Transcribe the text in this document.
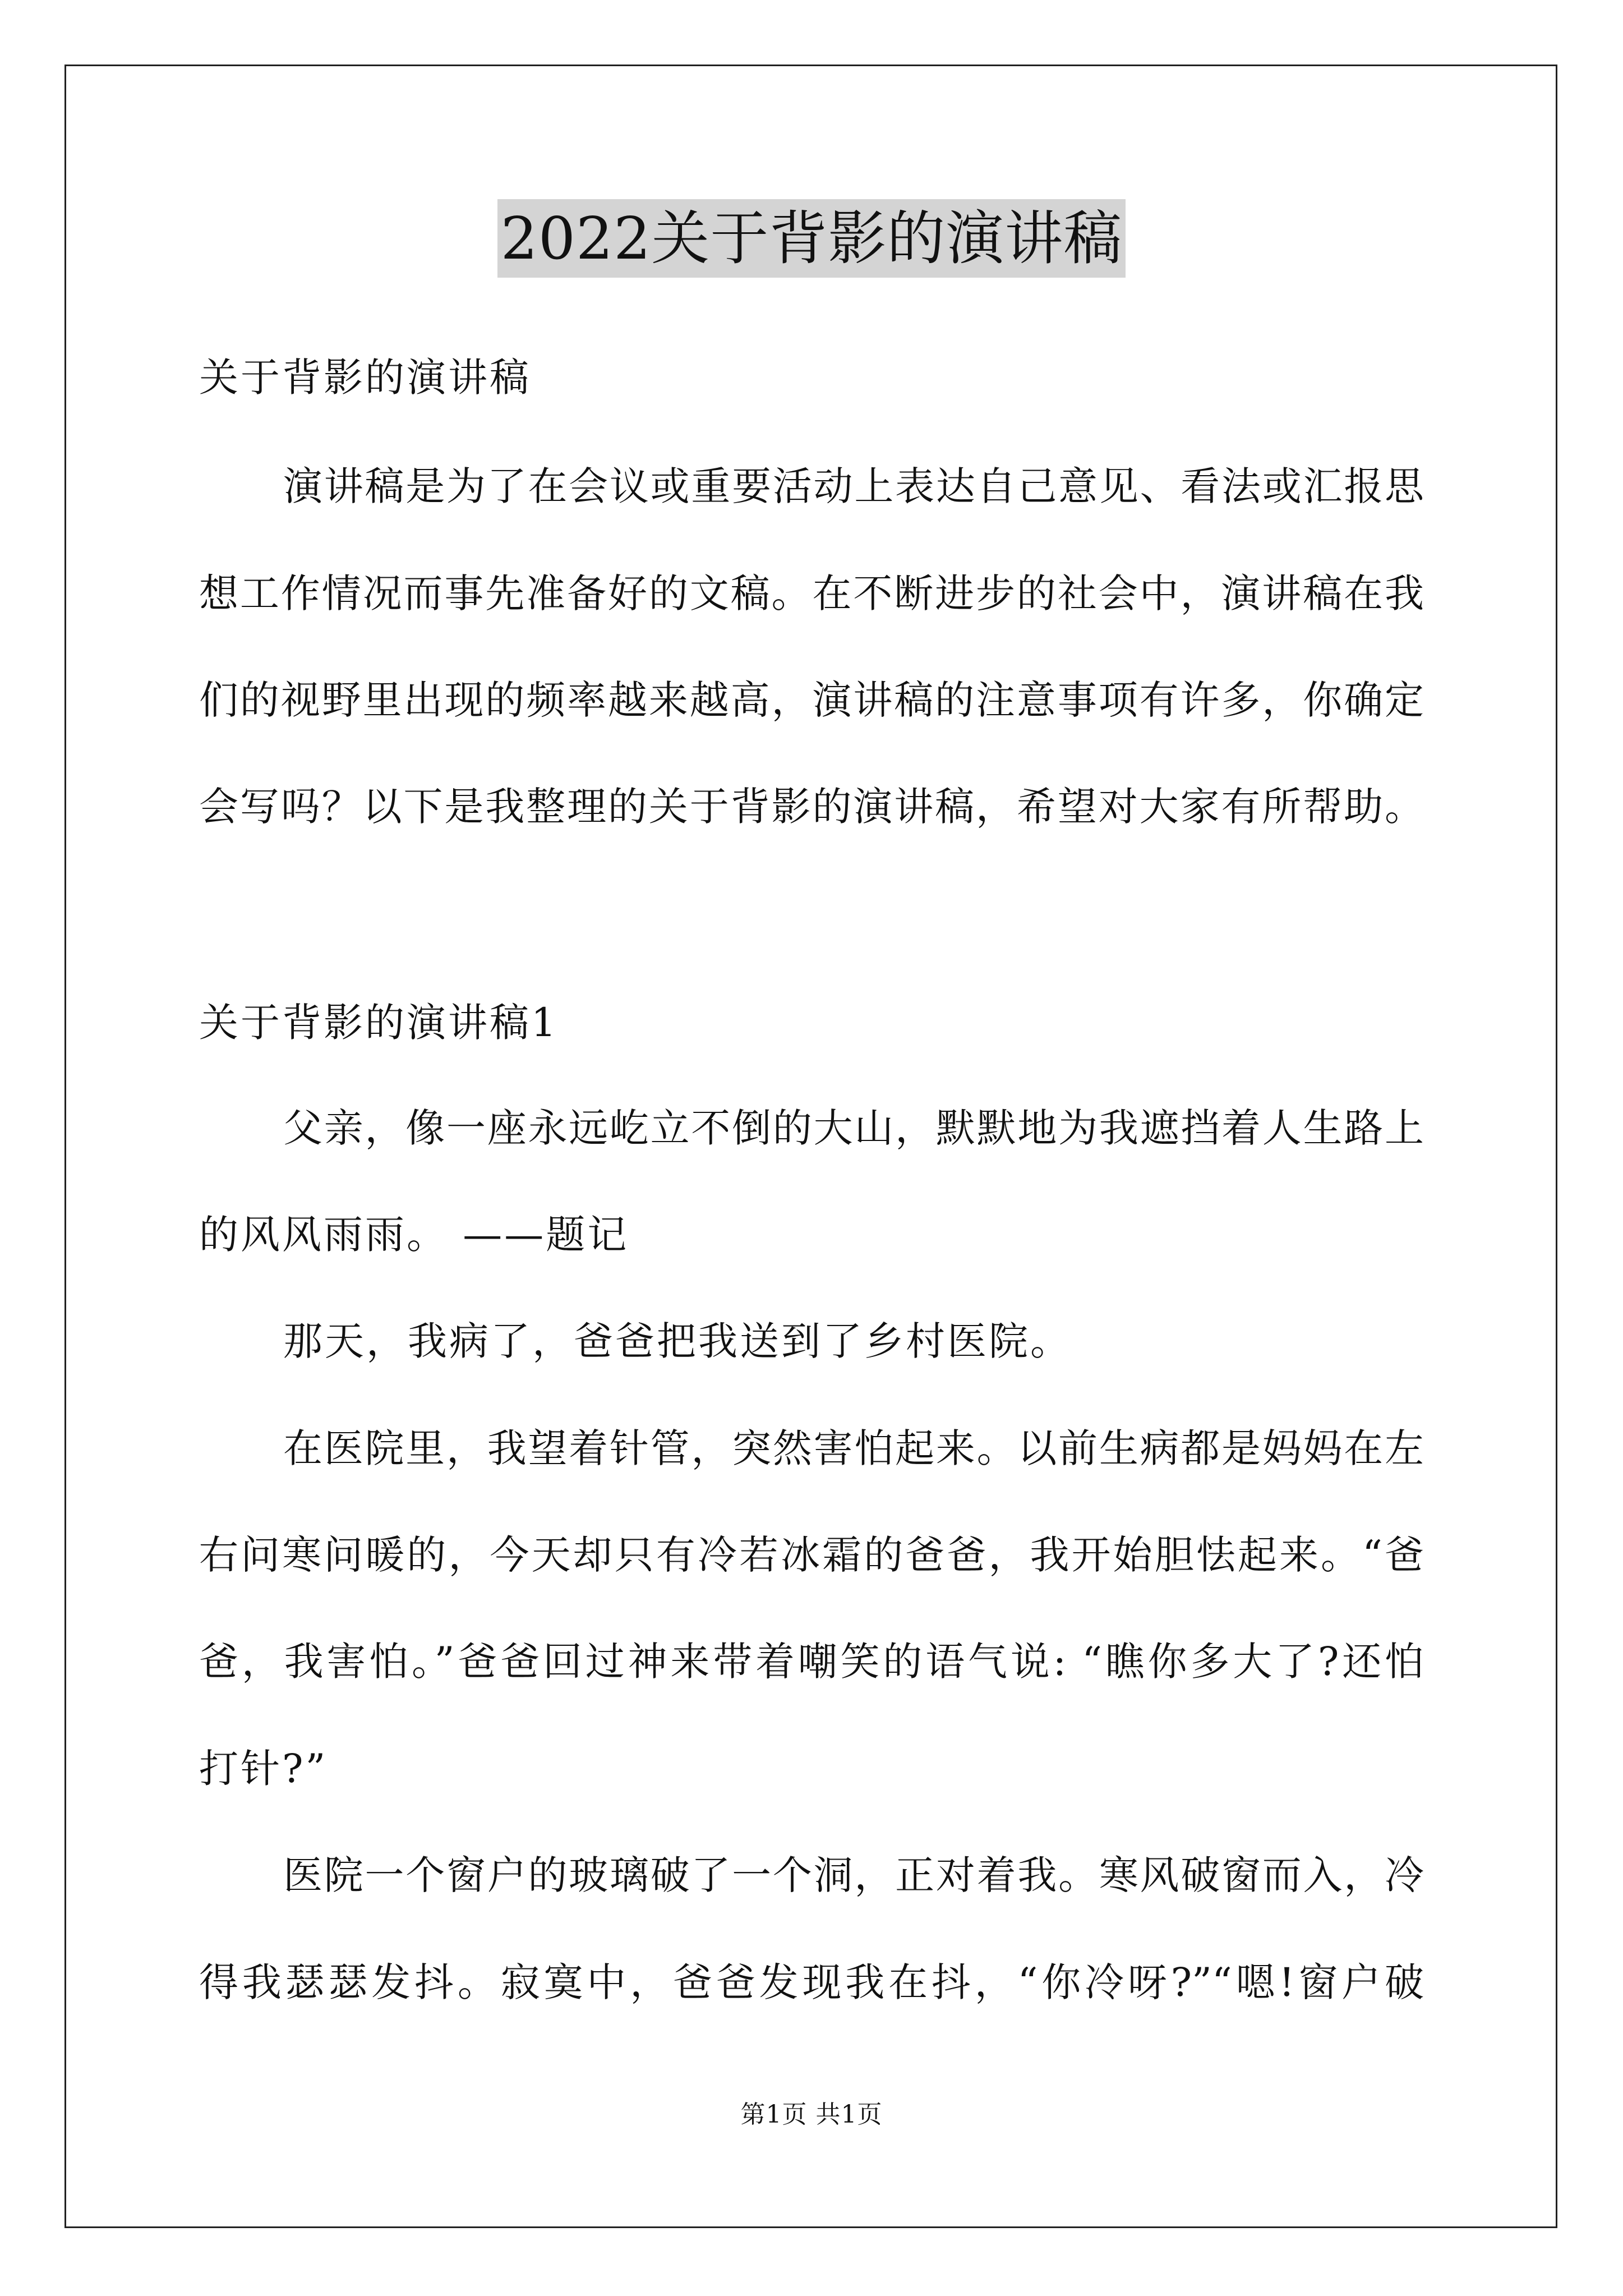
2022关于背影的演讲稿
关于背影的演讲稿
演讲稿是为了在会议或重要活动上表达自己意见、看法或汇报思
想工作情况而事先准备好的文稿。在不断进步的社会中，演讲稿在我
们的视野里出现的频率越来越高，演讲稿的注意事项有许多，你确定
会写吗？以下是我整理的关于背影的演讲稿，希望对大家有所帮助。
关于背影的演讲稿1
父亲，像一座永远屹立不倒的大山，默默地为我遮挡着人生路上
的风风雨雨。 ——题记
那天，我病了，爸爸把我送到了乡村医院。
在医院里，我望着针管，突然害怕起来。以前生病都是妈妈在左
右问寒问暖的，今天却只有冷若冰霜的爸爸，我开始胆怯起来。“爸
爸，我害怕。”爸爸回过神来带着嘲笑的语气说: “瞧你多大了?还怕
打针?”
医院一个窗户的玻璃破了一个洞，正对着我。寒风破窗而入，冷
得我瑟瑟发抖。寂寞中，爸爸发现我在抖，“你冷呀?”“嗯!窗户破
第1页 共1页
